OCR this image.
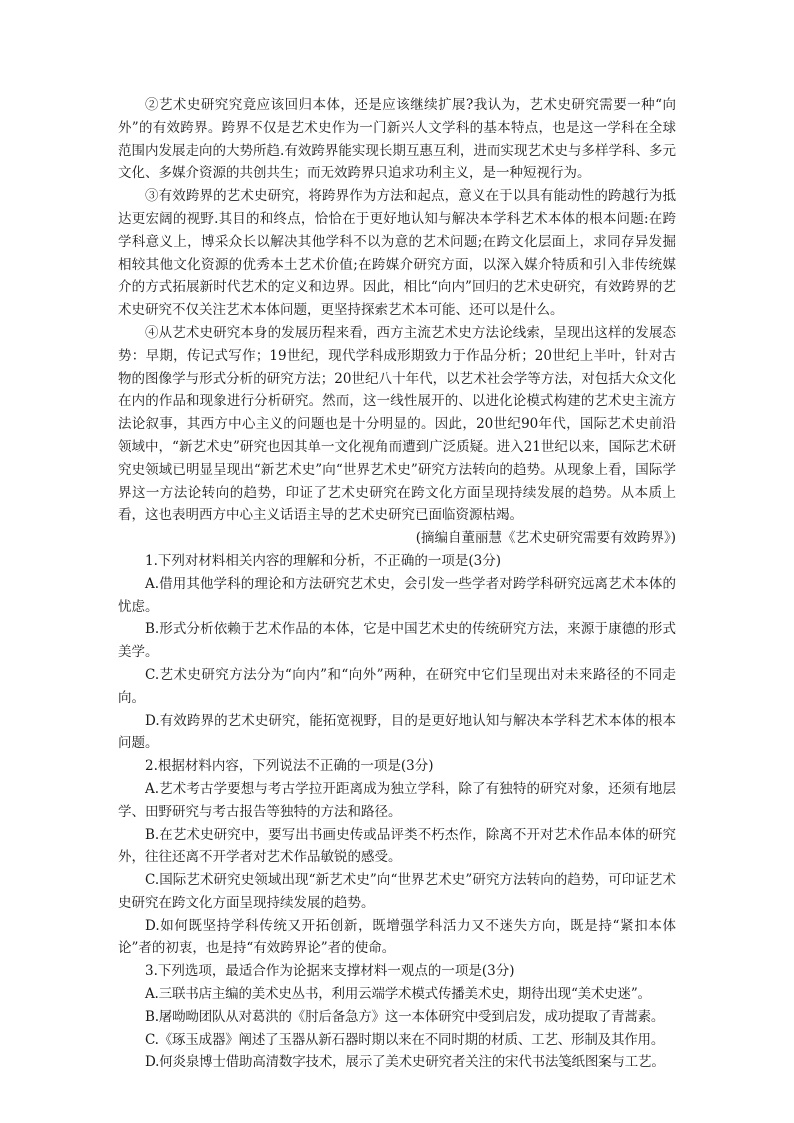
②艺术史研究究竟应该回归本体，还是应该继续扩展?我认为，艺术史研究需要一种“向外”的有效跨界。跨界不仅是艺术史作为一门新兴人文学科的基本特点，也是这一学科在全球范围内发展走向的大势所趋.有效跨界能实现长期互惠互利，进而实现艺术史与多样学科、多元文化、多媒介资源的共创共生；而无效跨界只追求功利主义，是一种短视行为。

③有效跨界的艺术史研究，将跨界作为方法和起点，意义在于以具有能动性的跨越行为抵达更宏阔的视野.其目的和终点，恰恰在于更好地认知与解决本学科艺术本体的根本问题:在跨学科意义上，博采众长以解决其他学科不以为意的艺术问题;在跨文化层面上，求同存异发掘相较其他文化资源的优秀本土艺术价值;在跨媒介研究方面，以深入媒介特质和引入非传统媒介的方式拓展新时代艺术的定义和边界。因此，相比“向内”回归的艺术史研究，有效跨界的艺术史研究不仅关注艺术本体问题，更坚持探索艺术本可能、还可以是什么。

④从艺术史研究本身的发展历程来看，西方主流艺术史方法论线索，呈现出这样的发展态势：早期，传记式写作；19世纪，现代学科成形期致力于作品分析；20世纪上半叶，针对古物的图像学与形式分析的研究方法；20世纪八十年代，以艺术社会学等方法，对包括大众文化在内的作品和现象进行分析研究。然而，这一线性展开的、以进化论模式构建的艺术史主流方法论叙事，其西方中心主义的问题也是十分明显的。因此，20世纪90年代，国际艺术史前沿领域中，“新艺术史”研究也因其单一文化视角而遭到广泛质疑。进入21世纪以来，国际艺术研究史领域已明显呈现出“新艺术史”向“世界艺术史”研究方法转向的趋势。从现象上看，国际学界这一方法论转向的趋势，印证了艺术史研究在跨文化方面呈现持续发展的趋势。从本质上看，这也表明西方中心主义话语主导的艺术史研究已面临资源枯竭。

(摘编自董丽慧《艺术史研究需要有效跨界》)

1.下列对材料相关内容的理解和分析，不正确的一项是(3分)

A.借用其他学科的理论和方法研究艺术史，会引发一些学者对跨学科研究远离艺术本体的忧虑。

B.形式分析依赖于艺术作品的本体，它是中国艺术史的传统研究方法，来源于康德的形式美学。

C.艺术史研究方法分为“向内”和“向外”两种，在研究中它们呈现出对未来路径的不同走向。

D.有效跨界的艺术史研究，能拓宽视野，目的是更好地认知与解决本学科艺术本体的根本问题。

2.根据材料内容，下列说法不正确的一项是(3分)

A.艺术考古学要想与考古学拉开距离成为独立学科，除了有独特的研究对象，还须有地层学、田野研究与考古报告等独特的方法和路径。

B.在艺术史研究中，要写出书画史传或品评类不朽杰作，除离不开对艺术作品本体的研究外，往往还离不开学者对艺术作品敏锐的感受。

C.国际艺术研究史领域出现“新艺术史”向“世界艺术史”研究方法转向的趋势，可印证艺术史研究在跨文化方面呈现持续发展的趋势。

D.如何既坚持学科传统又开拓创新，既增强学科活力又不迷失方向，既是持“紧扣本体论”者的初衷，也是持“有效跨界论”者的使命。

3.下列选项，最适合作为论据来支撑材料一观点的一项是(3分)

A.三联书店主编的美术史丛书，利用云端学术模式传播美术史，期待出现“美术史迷”。

B.屠呦呦团队从对葛洪的《肘后备急方》这一本体研究中受到启发，成功提取了青蒿素。

C.《琢玉成器》阐述了玉器从新石器时期以来在不同时期的材质、工艺、形制及其作用。

D.何炎泉博士借助高清数字技术，展示了美术史研究者关注的宋代书法笺纸图案与工艺。
